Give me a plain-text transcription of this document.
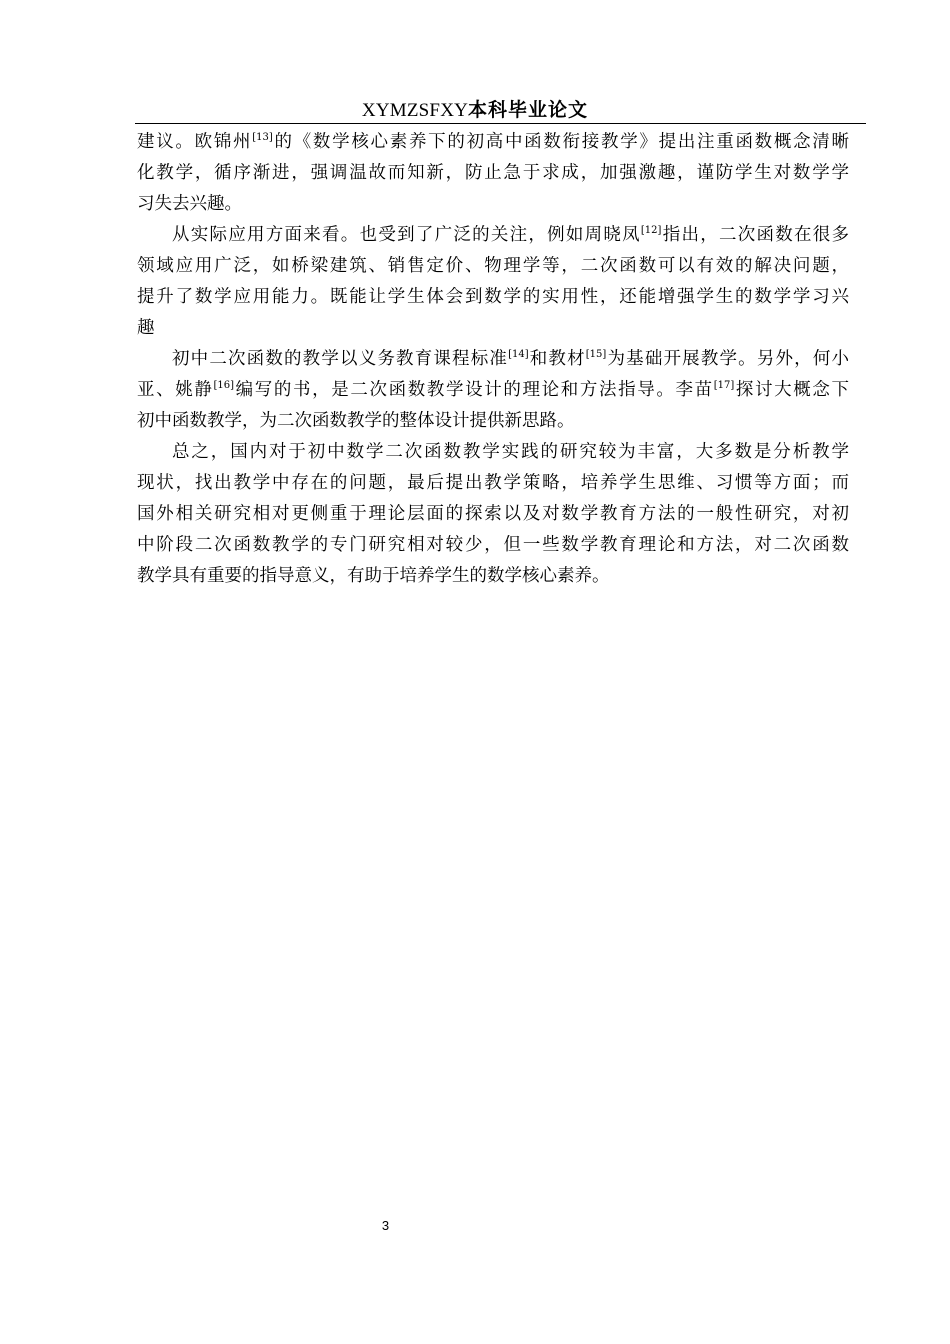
XYMZSFXY本科毕业论文

建议。欧锦州[13]的《数学核心素养下的初高中函数衔接教学》提出注重函数概念清晰
化教学，循序渐进，强调温故而知新，防止急于求成，加强激趣，谨防学生对数学学
习失去兴趣。

从实际应用方面来看。也受到了广泛的关注，例如周晓凤[12]指出，二次函数在很多
领域应用广泛，如桥梁建筑、销售定价、物理学等，二次函数可以有效的解决问题，
提升了数学应用能力。既能让学生体会到数学的实用性，还能增强学生的数学学习兴
趣

初中二次函数的教学以义务教育课程标准[14]和教材[15]为基础开展教学。另外，何小
亚、姚静[16]编写的书，是二次函数教学设计的理论和方法指导。李苗[17]探讨大概念下
初中函数教学，为二次函数教学的整体设计提供新思路。

总之，国内对于初中数学二次函数教学实践的研究较为丰富，大多数是分析教学
现状，找出教学中存在的问题，最后提出教学策略，培养学生思维、习惯等方面；而
国外相关研究相对更侧重于理论层面的探索以及对数学教育方法的一般性研究，对初
中阶段二次函数教学的专门研究相对较少，但一些数学教育理论和方法，对二次函数
教学具有重要的指导意义，有助于培养学生的数学核心素养。

3
